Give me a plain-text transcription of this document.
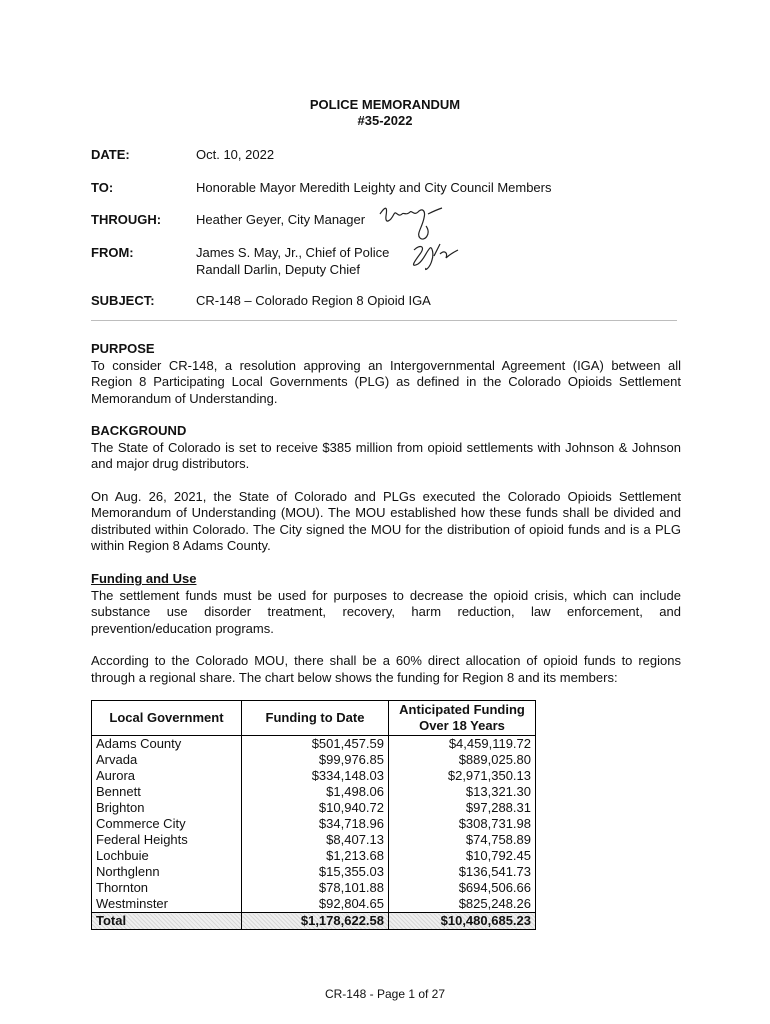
POLICE MEMORANDUM
#35-2022
DATE:	Oct. 10, 2022
TO:	Honorable Mayor Meredith Leighty and City Council Members
THROUGH:	Heather Geyer, City Manager
FROM:	James S. May, Jr., Chief of Police
Randall Darlin, Deputy Chief
SUBJECT:	CR-148 – Colorado Region 8 Opioid IGA
PURPOSE

To consider CR-148, a resolution approving an Intergovernmental Agreement (IGA) between all Region 8 Participating Local Governments (PLG) as defined in the Colorado Opioids Settlement Memorandum of Understanding.

BACKGROUND

The State of Colorado is set to receive $385 million from opioid settlements with Johnson & Johnson and major drug distributors.

On Aug. 26, 2021, the State of Colorado and PLGs executed the Colorado Opioids Settlement Memorandum of Understanding (MOU). The MOU established how these funds shall be divided and distributed within Colorado. The City signed the MOU for the distribution of opioid funds and is a PLG within Region 8 Adams County.

Funding and Use

The settlement funds must be used for purposes to decrease the opioid crisis, which can include substance use disorder treatment, recovery, harm reduction, law enforcement, and prevention/education programs.

According to the Colorado MOU, there shall be a 60% direct allocation of opioid funds to regions through a regional share. The chart below shows the funding for Region 8 and its members:

Local Government	Funding to Date	Anticipated Funding Over 18 Years
Adams County	$501,457.59	$4,459,119.72
Arvada	$99,976.85	$889,025.80
Aurora	$334,148.03	$2,971,350.13
Bennett	$1,498.06	$13,321.30
Brighton	$10,940.72	$97,288.31
Commerce City	$34,718.96	$308,731.98
Federal Heights	$8,407.13	$74,758.89
Lochbuie	$1,213.68	$10,792.45
Northglenn	$15,355.03	$136,541.73
Thornton	$78,101.88	$694,506.66
Westminster	$92,804.65	$825,248.26
Total	$1,178,622.58	$10,480,685.23
CR-148 - Page 1 of 27
